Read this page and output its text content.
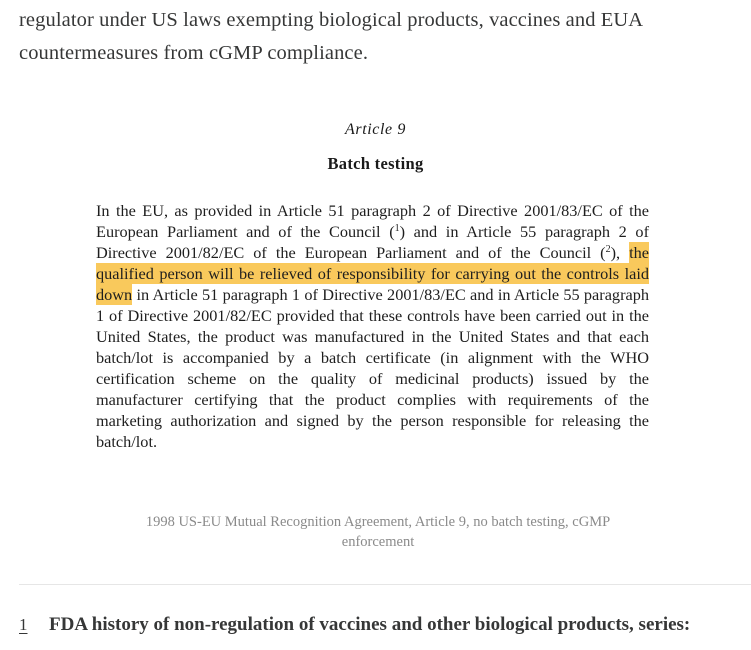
regulator under US laws exempting biological products, vaccines and EUA countermeasures from cGMP compliance.

Article 9
Batch testing

In the EU, as provided in Article 51 paragraph 2 of Directive 2001/83/EC of the European Parliament and of the Council ($^1$) and in Article 55 paragraph 2 of Directive 2001/82/EC of the European Parliament and of the Council ($^2$), the qualified person will be relieved of responsibility for carrying out the controls laid down in Article 51 paragraph 1 of Directive 2001/83/EC and in Article 55 paragraph 1 of Directive 2001/82/EC provided that these controls have been carried out in the United States, the product was manufactured in the United States and that each batch/lot is accompanied by a batch certificate (in alignment with the WHO certification scheme on the quality of medicinal products) issued by the manufacturer certifying that the product complies with requirements of the marketing authorization and signed by the person responsible for releasing the batch/lot.

1998 US-EU Mutual Recognition Agreement, Article 9, no batch testing, cGMP enforcement

1	FDA history of non-regulation of vaccines and other biological products, series:
